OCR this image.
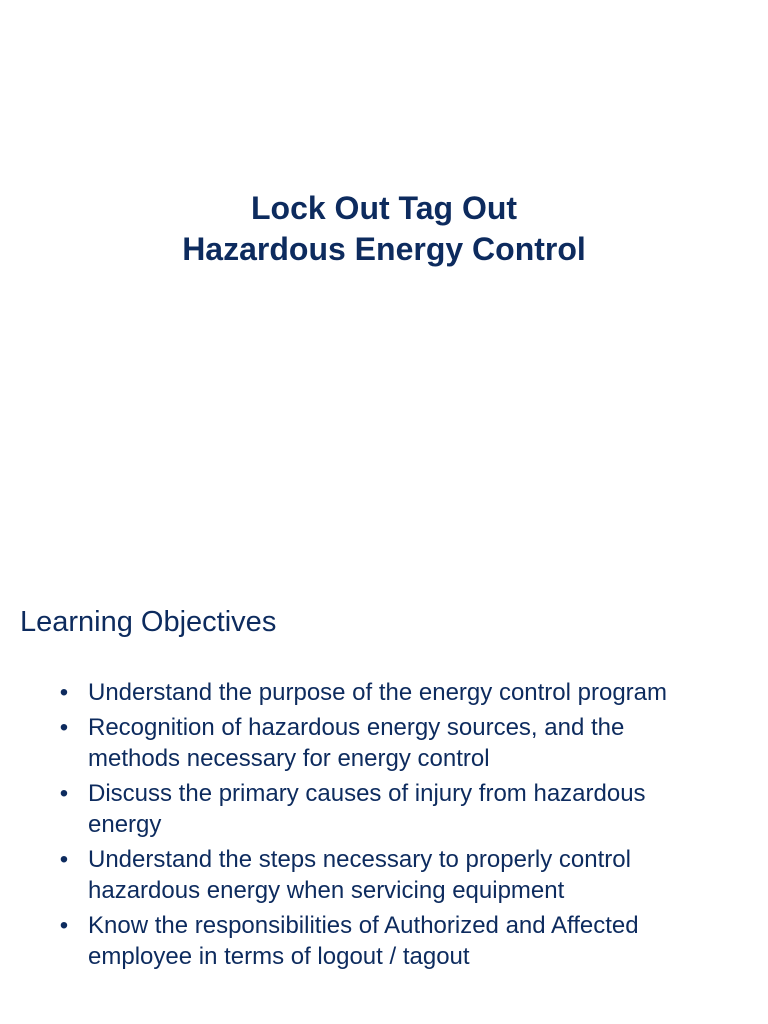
Lock Out Tag Out
Hazardous Energy Control
Learning Objectives
• Understand the purpose of the energy control program
• Recognition of hazardous energy sources, and the methods necessary for energy control
• Discuss the primary causes of injury from hazardous energy
• Understand the steps necessary to properly control hazardous energy when servicing equipment
• Know the responsibilities of Authorized and Affected employee in terms of logout / tagout
